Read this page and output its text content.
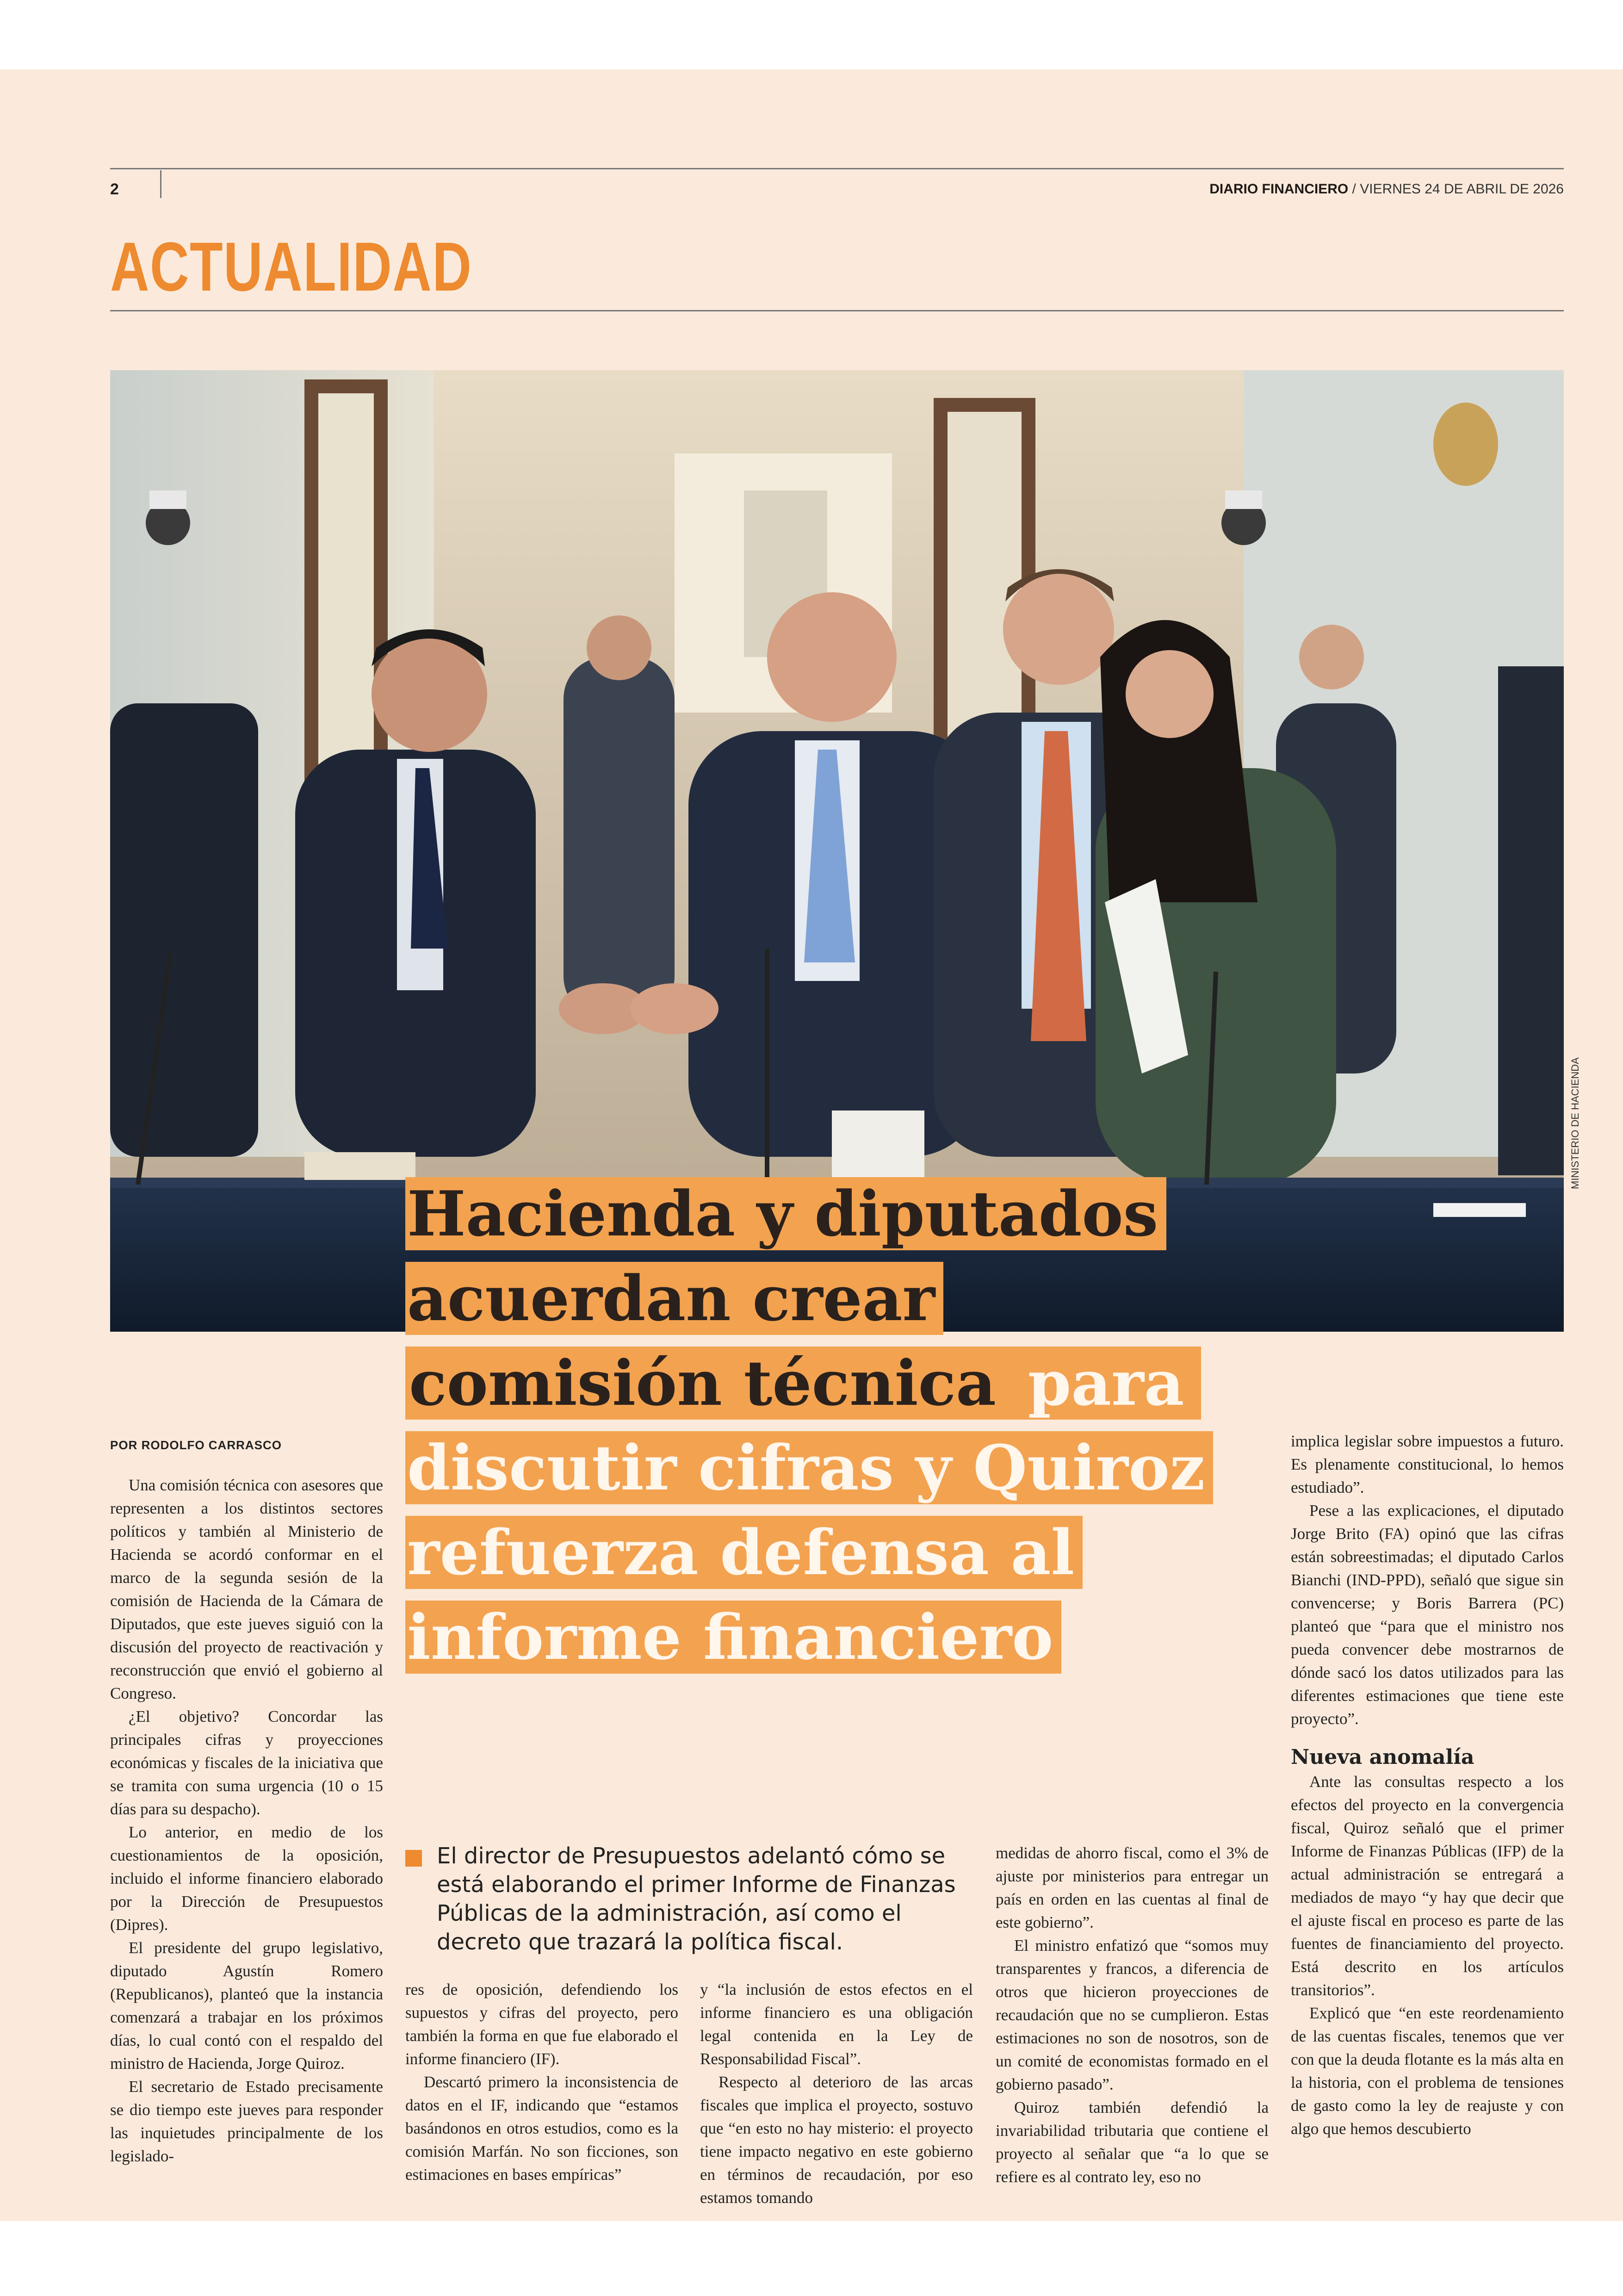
2	DIARIO FINANCIERO / VIERNES 24 DE ABRIL DE 2026
ACTUALIDAD
MINISTERIO DE HACIENDA
Hacienda y diputados
acuerdan crear
comisión técnica para
discutir cifras y Quiroz
refuerza defensa al
informe financiero
POR RODOLFO CARRASCO

Una comisión técnica con asesores que representen a los distintos sectores políticos y también al Ministerio de Hacienda se acordó conformar en el marco de la segunda sesión de la comisión de Hacienda de la Cámara de Diputados, que este jueves siguió con la discusión del proyecto de reactivación y reconstrucción que envió el gobierno al Congreso.

¿El objetivo? Concordar las principales cifras y proyecciones económicas y fiscales de la iniciativa que se tramita con suma urgencia (10 o 15 días para su despacho).

Lo anterior, en medio de los cuestionamientos de la oposición, incluido el informe financiero elaborado por la Dirección de Presupuestos (Dipres).

El presidente del grupo legislativo, diputado Agustín Romero (Republicanos), planteó que la instancia comenzará a trabajar en los próximos días, lo cual contó con el respaldo del ministro de Hacienda, Jorge Quiroz.

El secretario de Estado precisamente se dio tiempo este jueves para responder las inquietudes principalmente de los legislado-

El director de Presupuestos adelantó cómo se está elaborando el primer Informe de Finanzas Públicas de la administración, así como el decreto que trazará la política fiscal.

res de oposición, defendiendo los supuestos y cifras del proyecto, pero también la forma en que fue elaborado el informe financiero (IF).

Descartó primero la inconsistencia de datos en el IF, indicando que “estamos basándonos en otros estudios, como es la comisión Marfán. No son ficciones, son estimaciones en bases empíricas”

y “la inclusión de estos efectos en el informe financiero es una obligación legal contenida en la Ley de Responsabilidad Fiscal”.

Respecto al deterioro de las arcas fiscales que implica el proyecto, sostuvo que “en esto no hay misterio: el proyecto tiene impacto negativo en este gobierno en términos de recaudación, por eso estamos tomando

medidas de ahorro fiscal, como el 3% de ajuste por ministerios para entregar un país en orden en las cuentas al final de este gobierno”.

El ministro enfatizó que “somos muy transparentes y francos, a diferencia de otros que hicieron proyecciones de recaudación que no se cumplieron. Estas estimaciones no son de nosotros, son de un comité de economistas formado en el gobierno pasado”.

Quiroz también defendió la invariabilidad tributaria que contiene el proyecto al señalar que “a lo que se refiere es al contrato ley, eso no

implica legislar sobre impuestos a futuro. Es plenamente constitucional, lo hemos estudiado”.

Pese a las explicaciones, el diputado Jorge Brito (FA) opinó que las cifras están sobreestimadas; el diputado Carlos Bianchi (IND-PPD), señaló que sigue sin convencerse; y Boris Barrera (PC) planteó que “para que el ministro nos pueda convencer debe mostrarnos de dónde sacó los datos utilizados para las diferentes estimaciones que tiene este proyecto”.

Nueva anomalía

Ante las consultas respecto a los efectos del proyecto en la convergencia fiscal, Quiroz señaló que el primer Informe de Finanzas Públicas (IFP) de la actual administración se entregará a mediados de mayo “y hay que decir que el ajuste fiscal en proceso es parte de las fuentes de financiamiento del proyecto. Está descrito en los artículos transitorios”.

Explicó que “en este reordenamiento de las cuentas fiscales, tenemos que ver con que la deuda flotante es la más alta en la historia, con el problema de tensiones de gasto como la ley de reajuste y con algo que hemos descubierto
